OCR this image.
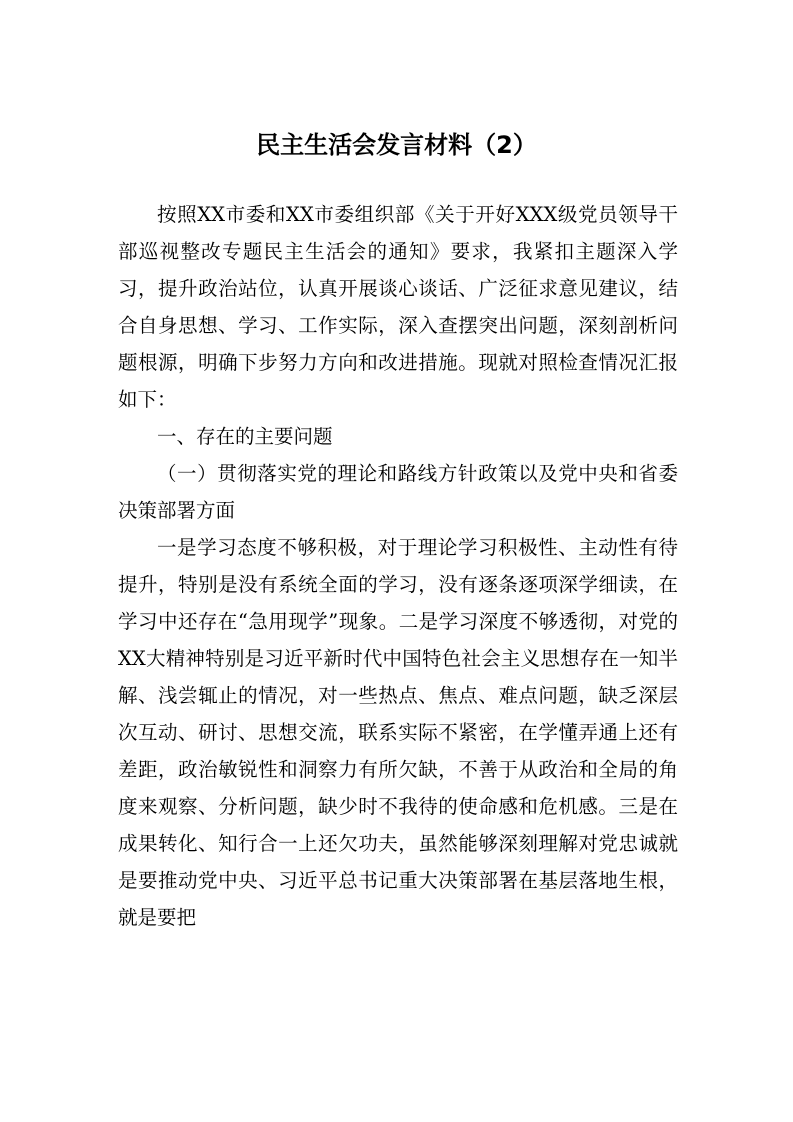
民主生活会发言材料（2）

按照XX市委和XX市委组织部《关于开好XXX级党员领导干部巡视整改专题民主生活会的通知》要求，我紧扣主题深入学习，提升政治站位，认真开展谈心谈话、广泛征求意见建议，结合自身思想、学习、工作实际，深入查摆突出问题，深刻剖析问题根源，明确下步努力方向和改进措施。现就对照检查情况汇报如下：

一、存在的主要问题

（一）贯彻落实党的理论和路线方针政策以及党中央和省委决策部署方面

一是学习态度不够积极，对于理论学习积极性、主动性有待提升，特别是没有系统全面的学习，没有逐条逐项深学细读，在学习中还存在“急用现学”现象。二是学习深度不够透彻，对党的XX大精神特别是习近平新时代中国特色社会主义思想存在一知半解、浅尝辄止的情况，对一些热点、焦点、难点问题，缺乏深层次互动、研讨、思想交流，联系实际不紧密，在学懂弄通上还有差距，政治敏锐性和洞察力有所欠缺，不善于从政治和全局的角度来观察、分析问题，缺少时不我待的使命感和危机感。三是在成果转化、知行合一上还欠功夫，虽然能够深刻理解对党忠诚就是要推动党中央、习近平总书记重大决策部署在基层落地生根，就是要把
